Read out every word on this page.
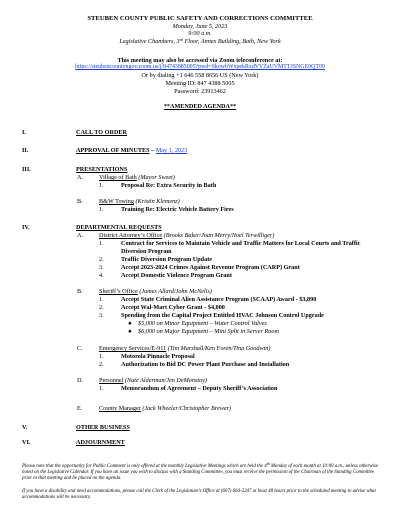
STEUBEN COUNTY PUBLIC SAFETY AND CORRECTIONS COMMITTEE
Monday, June 5, 2023
9:00 a.m.
Legislative Chambers, 3rd Floor, Annex Building, Bath, New York
This meeting may also be accessed via Zoom teleconference at:
https://steubencountyngov.zoom.us/j/84743885005?pwd=SkowbWxpekRxdVVZaUVMTTJSNGE0QT09
Or by dialing +1 646 558 8656 US (New York)
Meeting ID: 847 4388 5005
Password: 23913462
**AMENDED AGENDA**
I.	CALL TO ORDER
II.	APPROVAL OF MINUTES – May 1, 2023
III.	PRESENTATIONS
A.	Village of Bath (Mayor Sweet)
1.	Proposal Re: Extra Security in Bath
B.	B&W Towing (Kristin Klemenz)
1.	Training Re: Electric Vehicle Battery Fires
IV.	DEPARTMENTAL REQUESTS
A.	District Attorney’s Office (Brooks Baker/Joan Merry/Noel Terwilliger)
1.	Contract for Services to Maintain Vehicle and Traffic Matters for Local Courts and Traffic
Diversion Program
2.	Traffic Diversion Program Update
3.	Accept 2023-2024 Crimes Against Revenue Program (CARP) Grant
4.	Accept Domestic Violence Program Grant
B.	Sheriff’s Office (James Allard/John McNelis)
1.	Accept State Criminal Alien Assistance Program (SCAAP) Award - $3,890
2.	Accept Wal-Mart Cyber Grant - $4,000
3.	Spending from the Capital Project Entitled HVAC Johnson Control Upgrade
● $5,000 on Minor Equipment – Water Control Valves
● $6,000 on Major Equipment – Mini Split in Server Room
C.	Emergency Services/E-911 (Tim Marshall/Ken Foren/Tina Goodwin)
1.	Motorola Pinnacle Proposal
2.	Authorization to Bid DC Power Plant Purchase and Installation
D.	Personnel (Nate Alderman/Jen DeMonstoy)
1.	Memorandum of Agreement – Deputy Sheriff’s Association
E.	County Manager (Jack Wheeler/Christopher Brewer)
V.	OTHER BUSINESS
VI.	ADJOURNMENT
Please note that the opportunity for Public Comment is only offered at the monthly Legislative Meetings which are held the 4th Monday of each month at 10:00 a.m., unless otherwise noted on the Legislative Calendar. If you have an issue you wish to discuss with a Standing Committee, you must receive the permission of the Chairman of the Standing Committee prior to that meeting and be placed on the agenda.
If you have a disability and need accommodations, please call the Clerk of the Legislature’s Office at (607) 664-2247 at least 48 hours prior to the scheduled meeting to advise what accommodations will be necessary.
